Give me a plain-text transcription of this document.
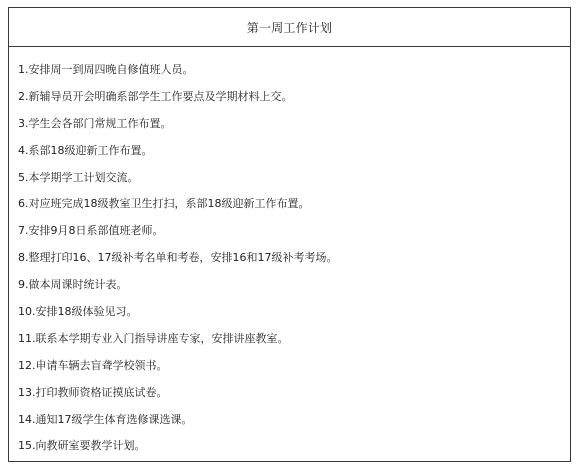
第一周工作计划
1.安排周一到周四晚自修值班人员。
2.新辅导员开会明确系部学生工作要点及学期材料上交。
3.学生会各部门常规工作布置。
4.系部18级迎新工作布置。
5.本学期学工计划交流。
6.对应班完成18级教室卫生打扫，系部18级迎新工作布置。
7.安排9月8日系部值班老师。
8.整理打印16、17级补考名单和考卷，安排16和17级补考考场。
9.做本周课时统计表。
10.安排18级体验见习。
11.联系本学期专业入门指导讲座专家，安排讲座教室。
12.申请车辆去盲聋学校领书。
13.打印教师资格证摸底试卷。
14.通知17级学生体育选修课选课。
15.向教研室要教学计划。
